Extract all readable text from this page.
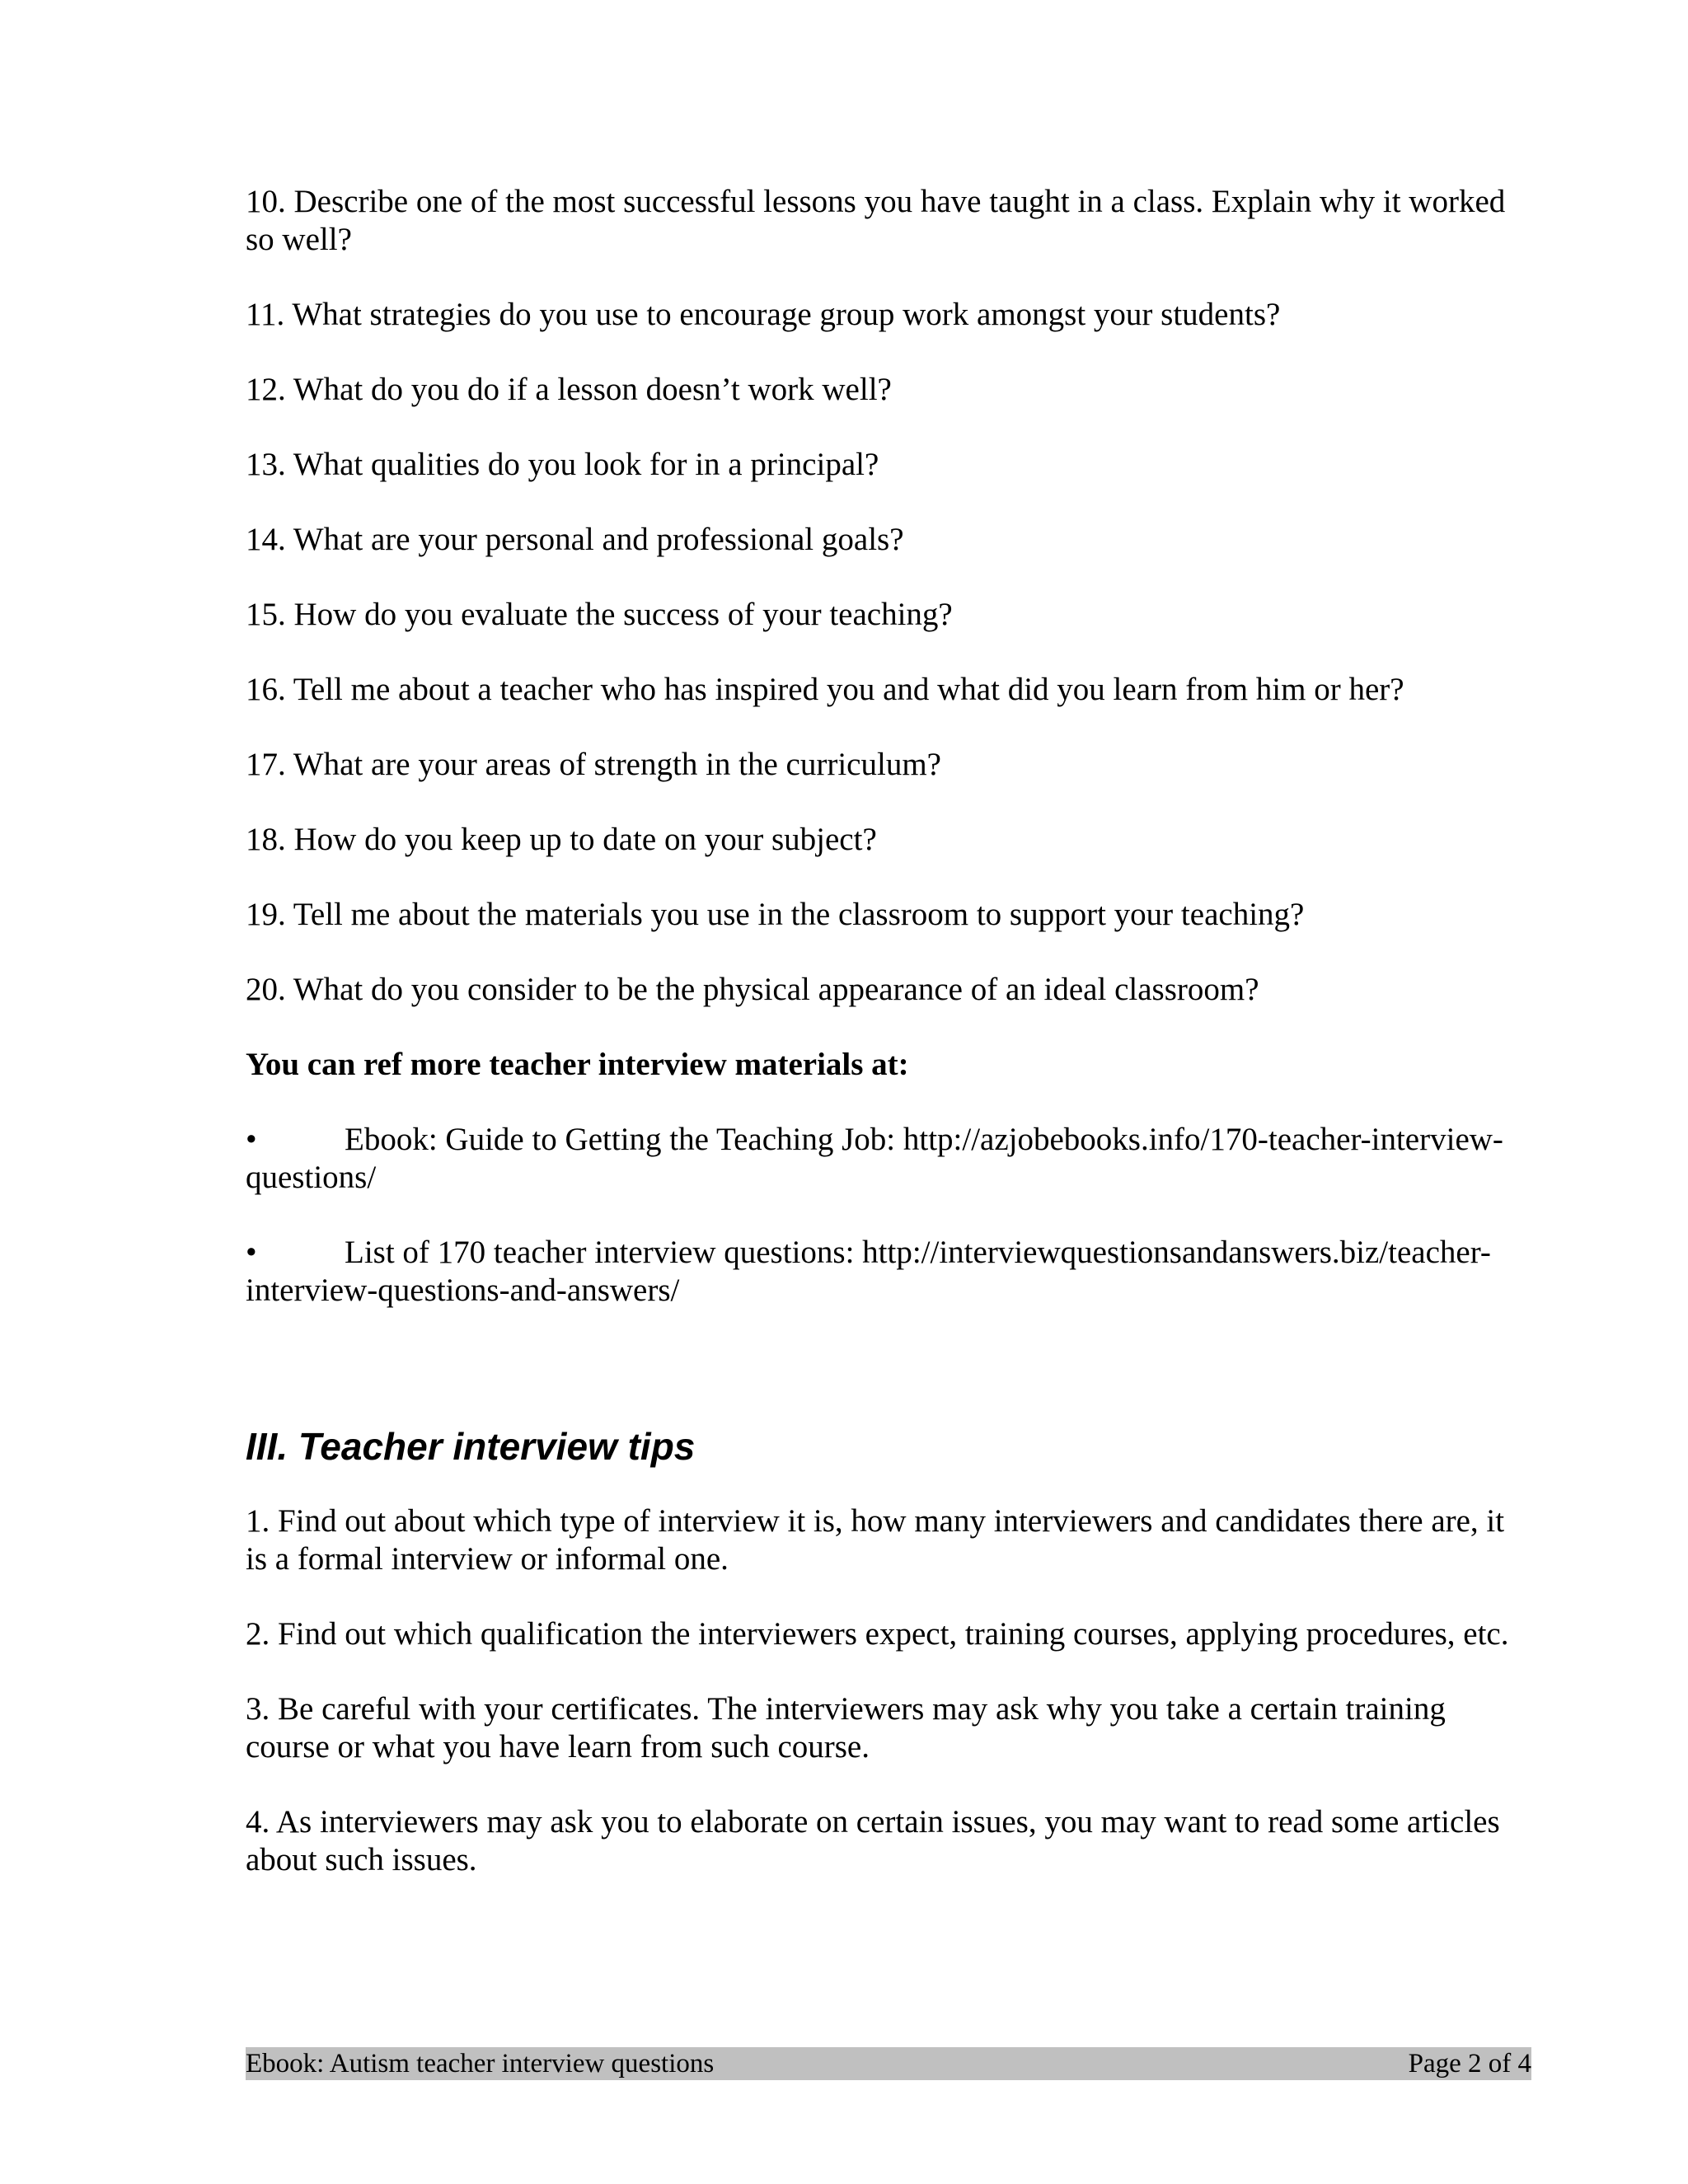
10. Describe one of the most successful lessons you have taught in a class. Explain why it worked so well?

11. What strategies do you use to encourage group work amongst your students?

12. What do you do if a lesson doesn’t work well?

13. What qualities do you look for in a principal?

14. What are your personal and professional goals?

15. How do you evaluate the success of your teaching?

16. Tell me about a teacher who has inspired you and what did you learn from him or her?

17. What are your areas of strength in the curriculum?

18. How do you keep up to date on your subject?

19. Tell me about the materials you use in the classroom to support your teaching?

20. What do you consider to be the physical appearance of an ideal classroom?

You can ref more teacher interview materials at:

•	Ebook: Guide to Getting the Teaching Job: http://azjobebooks.info/170-teacher-interview-questions/

•	List of 170 teacher interview questions: http://interviewquestionsandanswers.biz/teacher-interview-questions-and-answers/

III. Teacher interview tips

1. Find out about which type of interview it is, how many interviewers and candidates there are, it is a formal interview or informal one.

2. Find out which qualification the interviewers expect, training courses, applying procedures, etc.

3. Be careful with your certificates. The interviewers may ask why you take a certain training course or what you have learn from such course.

4. As interviewers may ask you to elaborate on certain issues, you may want to read some articles about such issues.

Ebook: Autism teacher interview questions	Page 2 of 4
